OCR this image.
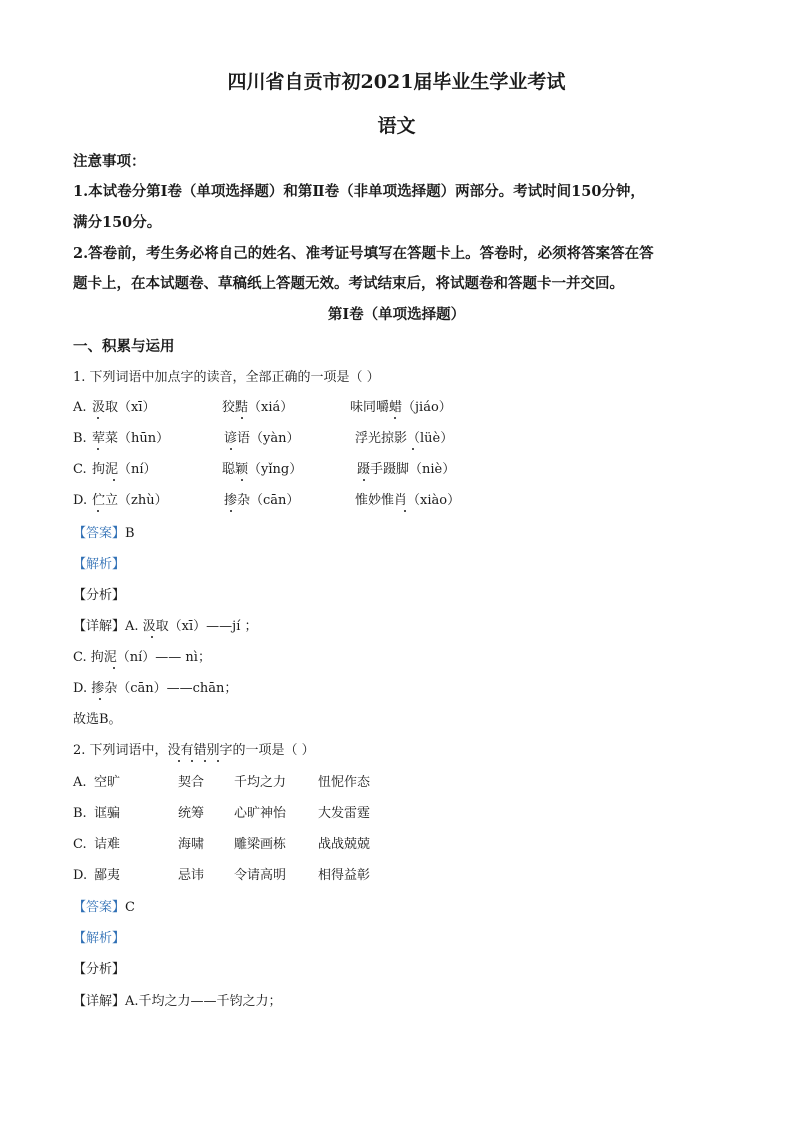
四川省自贡市初2021届毕业生学业考试
语文
注意事项：
1.本试卷分第Ⅰ卷（单项选择题）和第Ⅱ卷（非单项选择题）两部分。考试时间150分钟，
满分150分。
2.答卷前，考生务必将自己的姓名、准考证号填写在答题卡上。答卷时，必须将答案答在答
题卡上，在本试题卷、草稿纸上答题无效。考试结束后，将试题卷和答题卡一并交回。
第Ⅰ卷（单项选择题）
一、积累与运用
1. 下列词语中加点字的读音，全部正确的一项是（ ）
A. 汲取（xī）	狡黠（xiá）	味同嚼蜡（jiáo）
B. 荤菜（hūn）	谚语（yàn）	浮光掠影（lüè）
C. 拘泥（ní）	聪颖（yǐng）	蹑手蹑脚（niè）
D. 伫立（zhù）	掺杂（cān）	惟妙惟肖（xiào）
【答案】B
【解析】
【分析】
【详解】A. 汲取（xī）——jí ；
C. 拘泥（ní）—— nì；
D. 掺杂（cān）——chān；
故选B。
2. 下列词语中，没有错别字的一项是（ ）
A. 空旷	契合 千均之力 忸怩作态
B. 诓骗	统筹 心旷神怡 大发雷霆
C. 诘难	海啸 雕梁画栋 战战兢兢
D. 鄙夷	忌讳 令请高明 相得益彰
【答案】C
【解析】
【分析】
【详解】A.千均之力——千钧之力；
